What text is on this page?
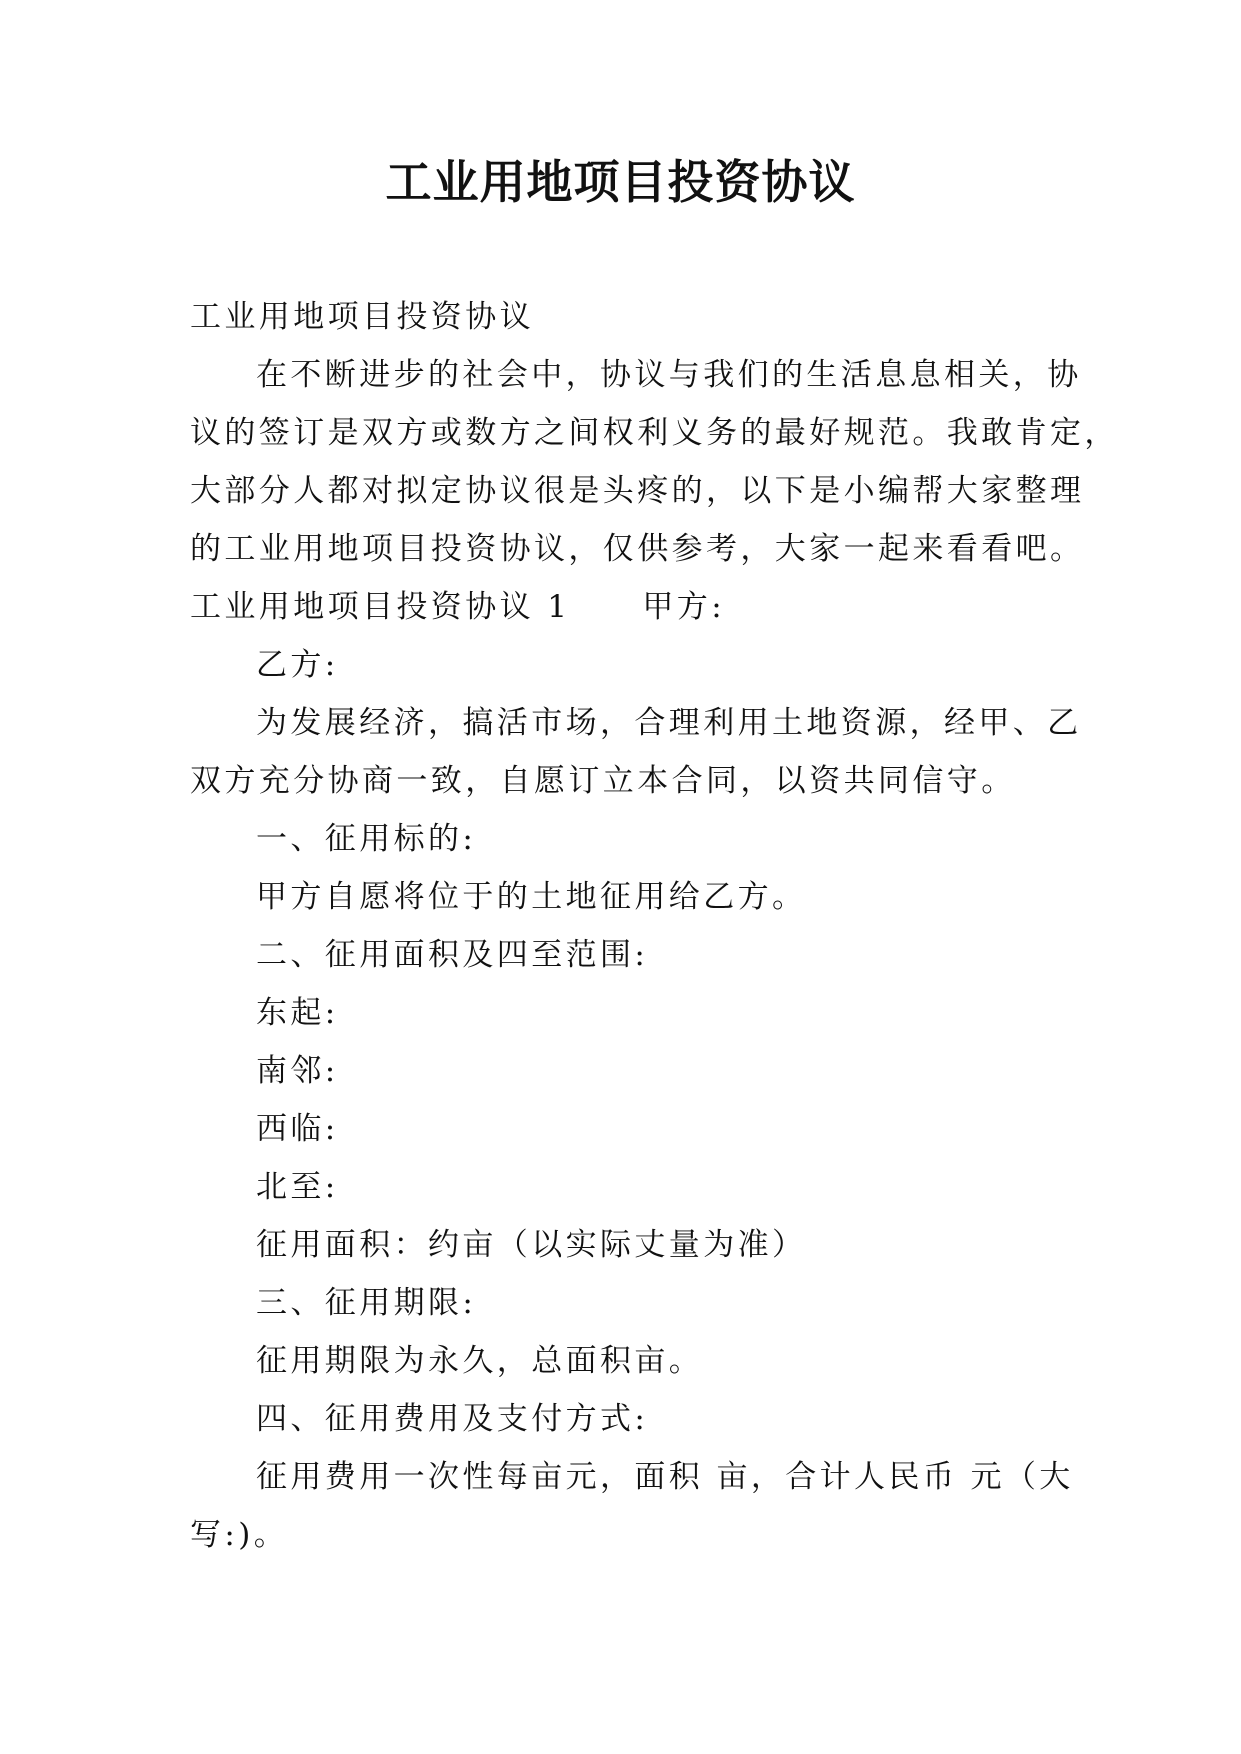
工业用地项目投资协议
工业用地项目投资协议
在不断进步的社会中，协议与我们的生活息息相关，协
议的签订是双方或数方之间权利义务的最好规范。我敢肯定，
大部分人都对拟定协议很是头疼的，以下是小编帮大家整理
的工业用地项目投资协议，仅供参考，大家一起来看看吧。
工业用地项目投资协议 1 甲方:
乙方:
为发展经济，搞活市场，合理利用土地资源，经甲、乙
双方充分协商一致，自愿订立本合同，以资共同信守。
一、征用标的:
甲方自愿将位于的土地征用给乙方。
二、征用面积及四至范围:
东起:
南邻:
西临:
北至:
征用面积：约亩（以实际丈量为准）
三、征用期限:
征用期限为永久，总面积亩。
四、征用费用及支付方式:
征用费用一次性每亩元，面积 亩，合计人民币 元（大
写:)。
